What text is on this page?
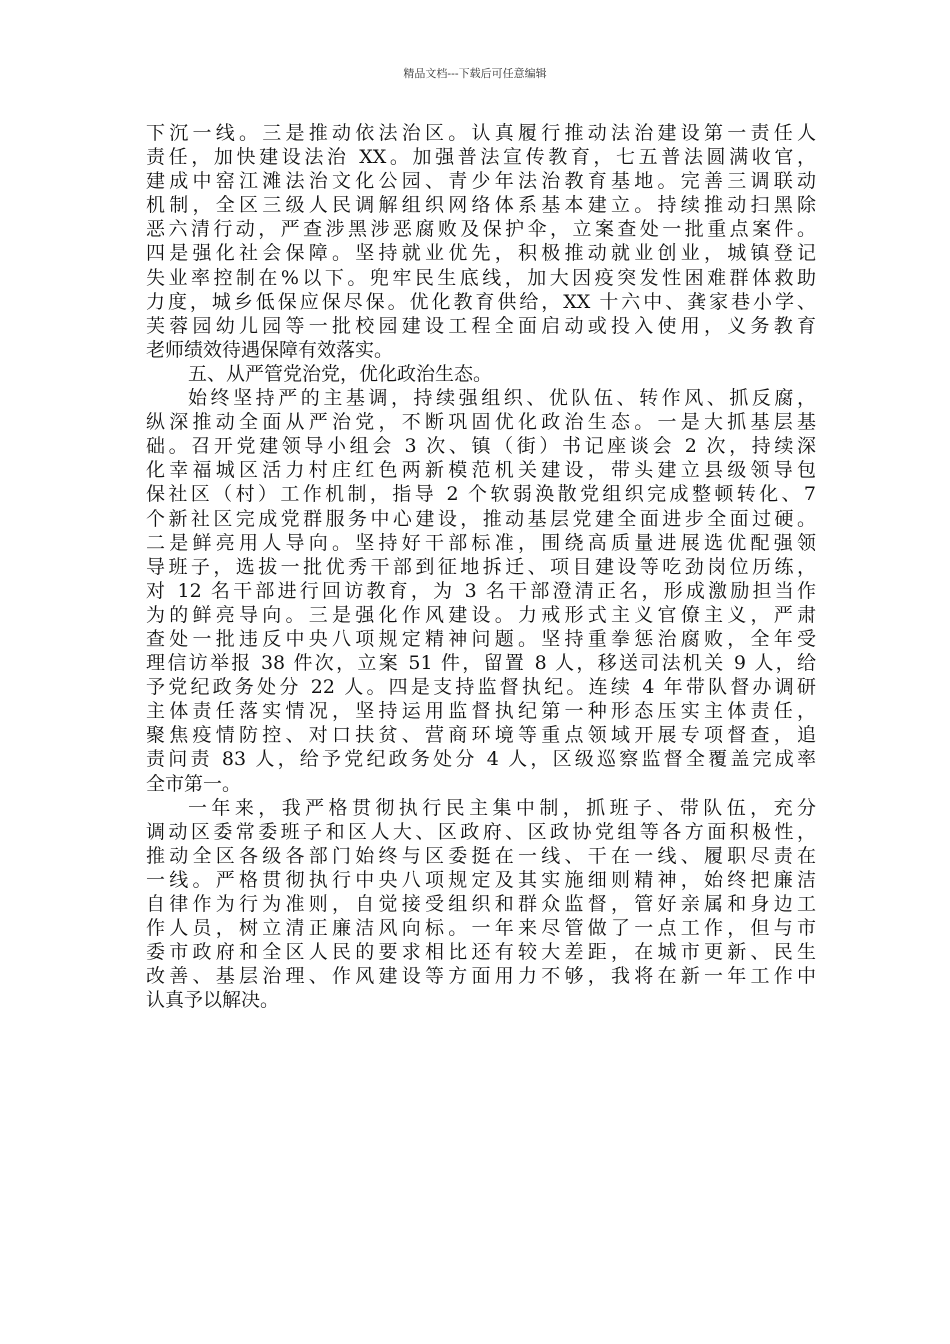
精品文档---下载后可任意编辑
下沉一线。三是推动依法治区。认真履行推动法治建设第一责任人
责任，加快建设法治 XX。加强普法宣传教育，七五普法圆满收官，
建成中窑江滩法治文化公园、青少年法治教育基地。完善三调联动
机制，全区三级人民调解组织网络体系基本建立。持续推动扫黑除
恶六清行动，严查涉黑涉恶腐败及保护伞，立案查处一批重点案件。
四是强化社会保障。坚持就业优先，积极推动就业创业，城镇登记
失业率控制在%以下。兜牢民生底线，加大因疫突发性困难群体救助
力度，城乡低保应保尽保。优化教育供给，XX 十六中、龚家巷小学、
芙蓉园幼儿园等一批校园建设工程全面启动或投入使用，义务教育
老师绩效待遇保障有效落实。
五、从严管党治党，优化政治生态。
始终坚持严的主基调，持续强组织、优队伍、转作风、抓反腐，
纵深推动全面从严治党，不断巩固优化政治生态。一是大抓基层基
础。召开党建领导小组会 3 次、镇（街）书记座谈会 2 次，持续深
化幸福城区活力村庄红色两新模范机关建设，带头建立县级领导包
保社区（村）工作机制，指导 2 个软弱涣散党组织完成整顿转化、7
个新社区完成党群服务中心建设，推动基层党建全面进步全面过硬。
二是鲜亮用人导向。坚持好干部标准，围绕高质量进展选优配强领
导班子，选拔一批优秀干部到征地拆迁、项目建设等吃劲岗位历练，
对 12 名干部进行回访教育，为 3 名干部澄清正名，形成激励担当作
为的鲜亮导向。三是强化作风建设。力戒形式主义官僚主义，严肃
查处一批违反中央八项规定精神问题。坚持重拳惩治腐败，全年受
理信访举报 38 件次，立案 51 件，留置 8 人，移送司法机关 9 人，给
予党纪政务处分 22 人。四是支持监督执纪。连续 4 年带队督办调研
主体责任落实情况，坚持运用监督执纪第一种形态压实主体责任，
聚焦疫情防控、对口扶贫、营商环境等重点领域开展专项督查，追
责问责 83 人，给予党纪政务处分 4 人，区级巡察监督全覆盖完成率
全市第一。
一年来，我严格贯彻执行民主集中制，抓班子、带队伍，充分
调动区委常委班子和区人大、区政府、区政协党组等各方面积极性，
推动全区各级各部门始终与区委挺在一线、干在一线、履职尽责在
一线。严格贯彻执行中央八项规定及其实施细则精神，始终把廉洁
自律作为行为准则，自觉接受组织和群众监督，管好亲属和身边工
作人员，树立清正廉洁风向标。一年来尽管做了一点工作，但与市
委市政府和全区人民的要求相比还有较大差距，在城市更新、民生
改善、基层治理、作风建设等方面用力不够，我将在新一年工作中
认真予以解决。
